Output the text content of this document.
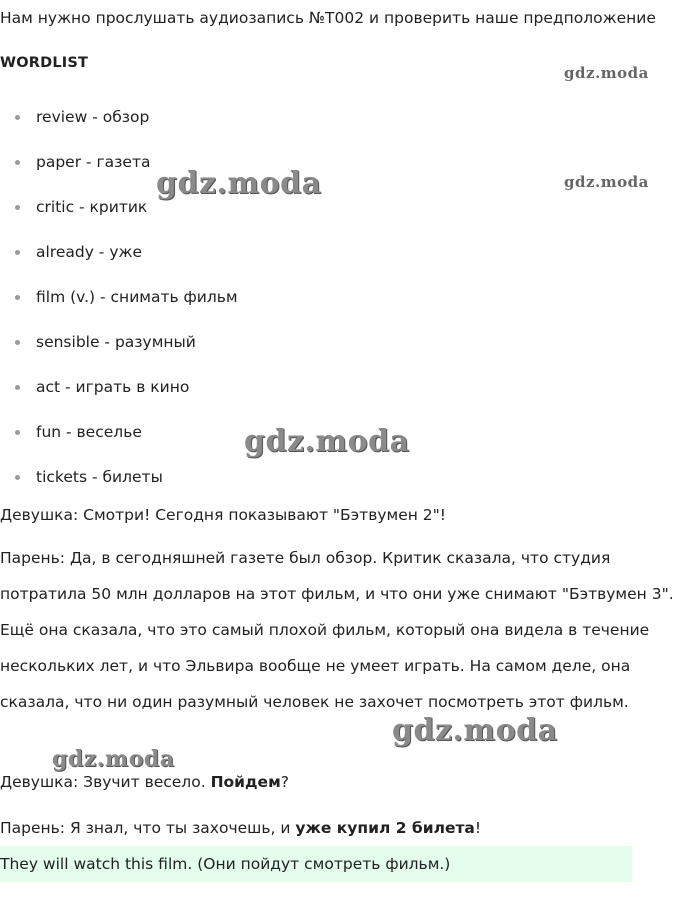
Нам нужно прослушать аудиозапись №T002 и проверить наше предположение
WORDLIST
review - обзор
paper - газета
critic - критик
already - уже
film (v.) - снимать фильм
sensible - разумный
act - играть в кино
fun - веселье
tickets - билеты
Девушка: Смотри! Сегодня показывают "Бэтвумен 2"!
Парень: Да, в сегодняшней газете был обзор. Критик сказала, что студия потратила 50 млн долларов на этот фильм, и что они уже снимают "Бэтвумен 3". Ещё она сказала, что это самый плохой фильм, который она видела в течение нескольких лет, и что Эльвира вообще не умеет играть. На самом деле, она сказала, что ни один разумный человек не захочет посмотреть этот фильм.
Девушка: Звучит весело. Пойдем?
Парень: Я знал, что ты захочешь, и уже купил 2 билета!
They will watch this film. (Они пойдут смотреть фильм.)
gdz.moda
gdz.moda
gdz.moda
gdz.moda
gdz.moda
gdz.moda
